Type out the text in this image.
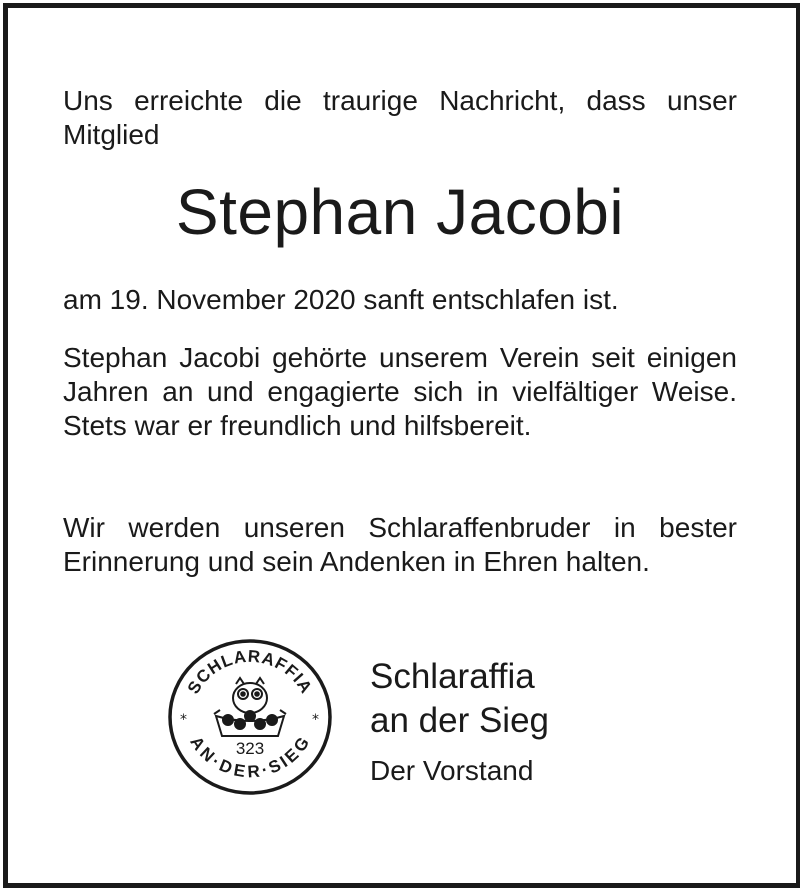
Uns erreichte die traurige Nachricht, dass unser Mitglied
Stephan Jacobi
am 19. November 2020 sanft entschlafen ist.
Stephan Jacobi gehörte unserem Verein seit einigen Jahren an und engagierte sich in vielfältiger Weise. Stets war er freundlich und hilfsbereit.
Wir werden unseren Schlaraffenbruder in bester Erinnerung und sein Andenken in Ehren halten.
SCHLARAFFIA
AN·DER·SIEG
*	*
323
Schlaraffia
an der Sieg
Der Vorstand
